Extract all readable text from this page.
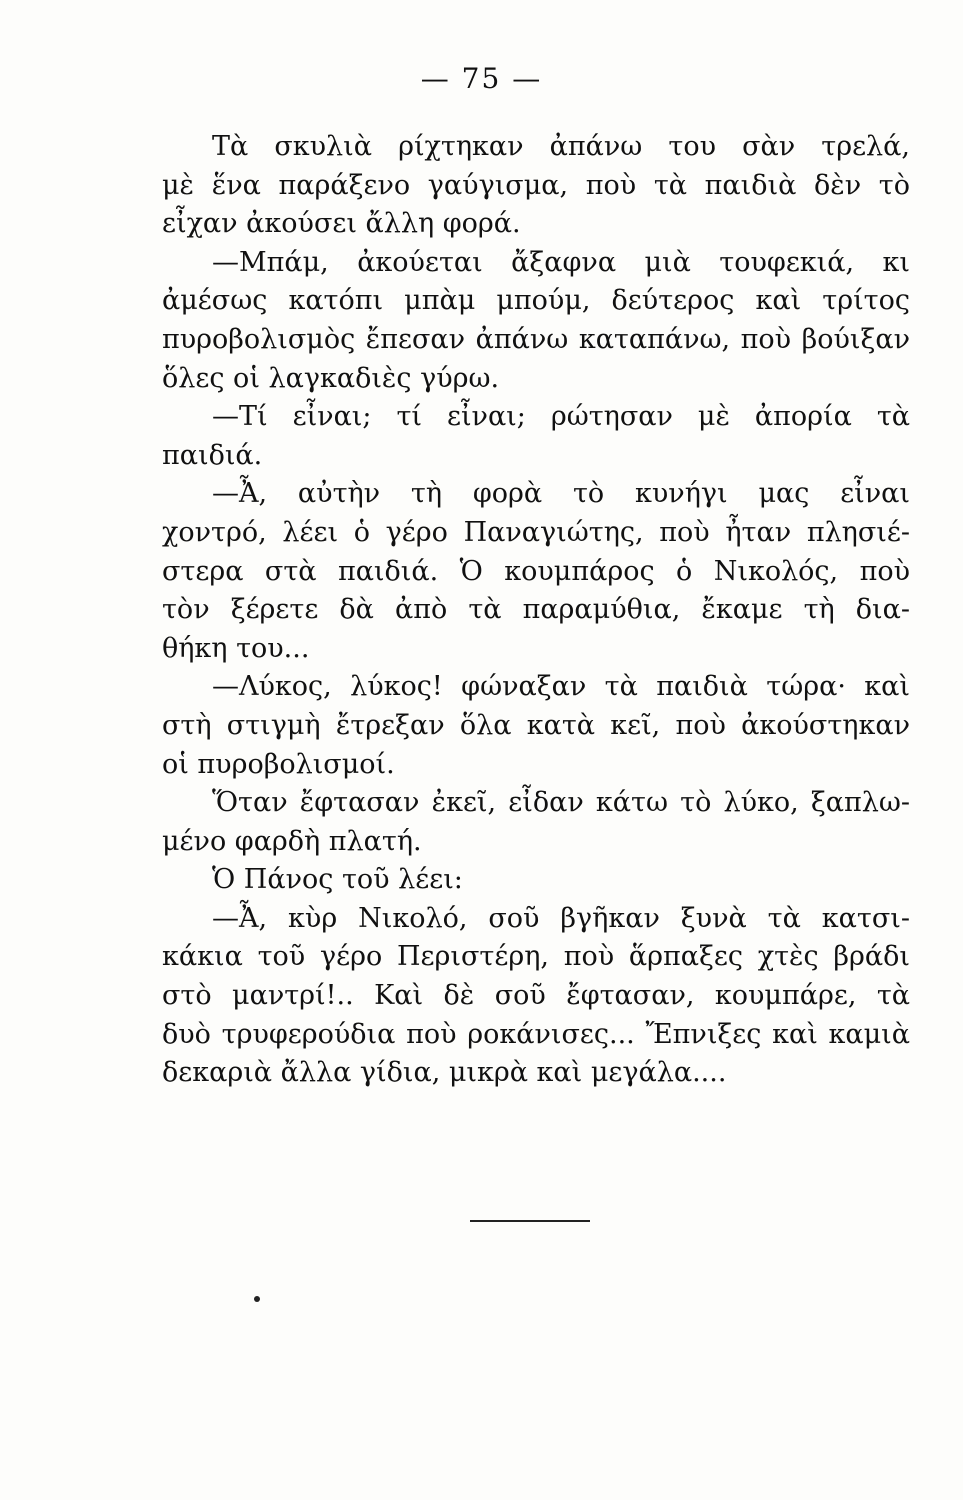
— 75 —
Τὰ σκυλιὰ ρίχτηκαν ἀπάνω του σὰν τρελά,
μὲ ἕνα παράξενο γαύγισμα, ποὺ τὰ παιδιὰ δὲν τὸ
εἶχαν ἀκούσει ἄλλη φορά.
—Μπάμ, ἀκούεται ἄξαφνα μιὰ τουφεκιά, κι
ἀμέσως κατόπι μπὰμ μπούμ, δεύτερος καὶ τρίτος
πυροβολισμὸς ἔπεσαν ἀπάνω καταπάνω, ποὺ βούιξαν
ὅλες οἱ λαγκαδιὲς γύρω.
—Τί εἶναι; τί εἶναι; ρώτησαν μὲ ἀπορία τὰ
παιδιά.
—Ἆ, αὐτὴν τὴ φορὰ τὸ κυνήγι μας εἶναι
χοντρό, λέει ὁ γέρο Παναγιώτης, ποὺ ἦταν πλησιέ-
στερα στὰ παιδιά. Ὁ κουμπάρος ὁ Νικολός, ποὺ
τὸν ξέρετε δὰ ἀπὸ τὰ παραμύθια, ἔκαμε τὴ δια-
θήκη του...
—Λύκος, λύκος! φώναξαν τὰ παιδιὰ τώρα· καὶ
στὴ στιγμὴ ἔτρεξαν ὅλα κατὰ κεῖ, ποὺ ἀκούστηκαν
οἱ πυροβολισμοί.
Ὅταν ἔφτασαν ἐκεῖ, εἶδαν κάτω τὸ λύκο, ξαπλω-
μένο φαρδὴ πλατή.
Ὁ Πάνος τοῦ λέει:
—Ἆ, κὺρ Νικολό, σοῦ βγῆκαν ξυνὰ τὰ κατσι-
κάκια τοῦ γέρο Περιστέρη, ποὺ ἅρπαξες χτὲς βράδι
στὸ μαντρί!.. Καὶ δὲ σοῦ ἔφτασαν, κουμπάρε, τὰ
δυὸ τρυφερούδια ποὺ ροκάνισες... Ἔπνιξες καὶ καμιὰ
δεκαριὰ ἄλλα γίδια, μικρὰ καὶ μεγάλα....
